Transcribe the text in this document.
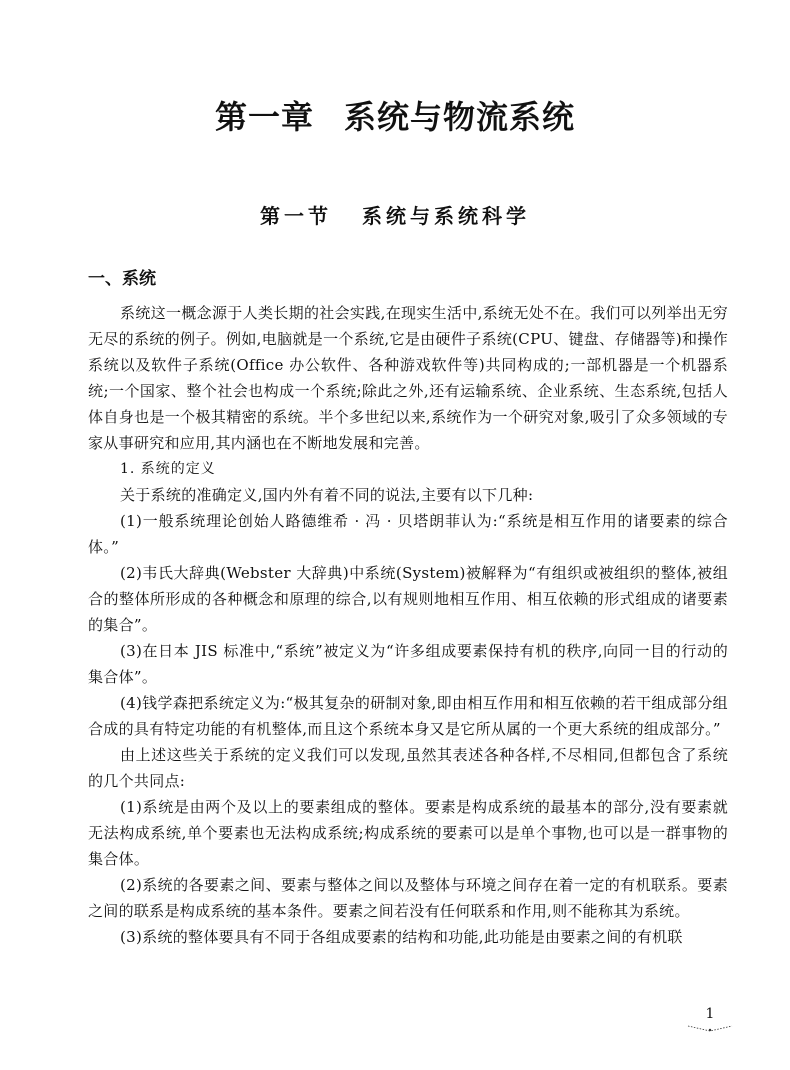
第一章 系统与物流系统
第一节 系统与系统科学
一、系统

系统这一概念源于人类长期的社会实践,在现实生活中,系统无处不在。我们可以列举出无穷无尽的系统的例子。例如,电脑就是一个系统,它是由硬件子系统(CPU、键盘、存储器等)和操作系统以及软件子系统(Office 办公软件、各种游戏软件等)共同构成的;一部机器是一个机器系统;一个国家、整个社会也构成一个系统;除此之外,还有运输系统、企业系统、生态系统,包括人体自身也是一个极其精密的系统。半个多世纪以来,系统作为一个研究对象,吸引了众多领域的专家从事研究和应用,其内涵也在不断地发展和完善。

1. 系统的定义

关于系统的准确定义,国内外有着不同的说法,主要有以下几种:

(1)一般系统理论创始人路德维希 · 冯 · 贝塔朗菲认为:“系统是相互作用的诸要素的综合体。”

(2)韦氏大辞典(Webster 大辞典)中系统(System)被解释为“有组织或被组织的整体,被组合的整体所形成的各种概念和原理的综合,以有规则地相互作用、相互依赖的形式组成的诸要素的集合”。

(3)在日本 JIS 标准中,“系统”被定义为“许多组成要素保持有机的秩序,向同一目的行动的集合体”。

(4)钱学森把系统定义为:“极其复杂的研制对象,即由相互作用和相互依赖的若干组成部分组合成的具有特定功能的有机整体,而且这个系统本身又是它所从属的一个更大系统的组成部分。”

由上述这些关于系统的定义我们可以发现,虽然其表述各种各样,不尽相同,但都包含了系统的几个共同点:

(1)系统是由两个及以上的要素组成的整体。要素是构成系统的最基本的部分,没有要素就无法构成系统,单个要素也无法构成系统;构成系统的要素可以是单个事物,也可以是一群事物的集合体。

(2)系统的各要素之间、要素与整体之间以及整体与环境之间存在着一定的有机联系。要素之间的联系是构成系统的基本条件。要素之间若没有任何联系和作用,则不能称其为系统。

(3)系统的整体要具有不同于各组成要素的结构和功能,此功能是由要素之间的有机联

1
